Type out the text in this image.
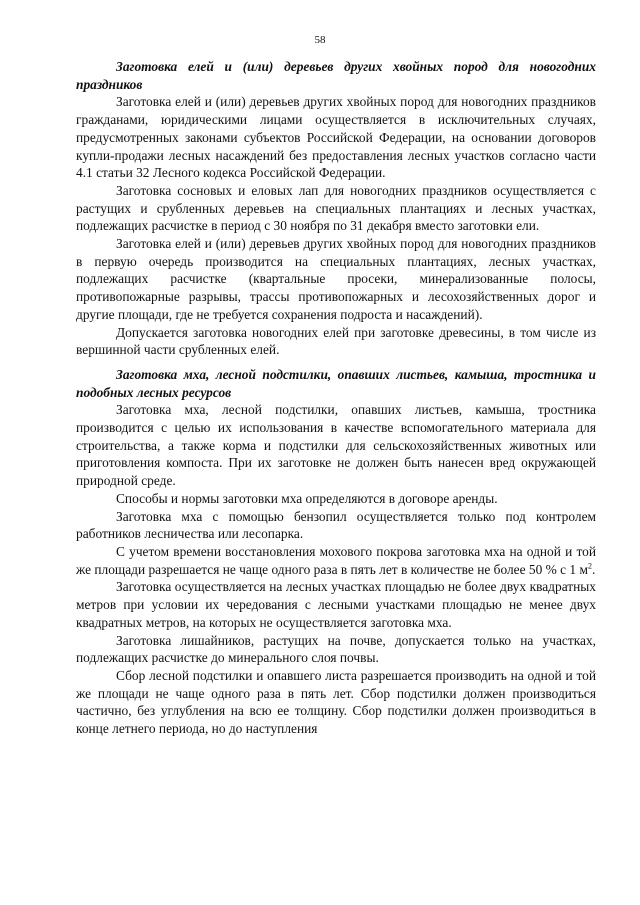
58

Заготовка елей и (или) деревьев других хвойных пород для новогодних праздников

Заготовка елей и (или) деревьев других хвойных пород для новогодних праздников гражданами, юридическими лицами осуществляется в исключительных случаях, предусмотренных законами субъектов Российской Федерации, на основании договоров купли-продажи лесных насаждений без предоставления лесных участков согласно части 4.1 статьи 32 Лесного кодекса Российской Федерации.

Заготовка сосновых и еловых лап для новогодних праздников осуществляется с растущих и срубленных деревьев на специальных плантациях и лесных участках, подлежащих расчистке в период с 30 ноября по 31 декабря вместо заготовки ели.

Заготовка елей и (или) деревьев других хвойных пород для новогодних праздников в первую очередь производится на специальных плантациях, лесных участках, подлежащих расчистке (квартальные просеки, минерализованные полосы, противопожарные разрывы, трассы противопожарных и лесохозяйственных дорог и другие площади, где не требуется сохранения подроста и насаждений).

Допускается заготовка новогодних елей при заготовке древесины, в том числе из вершинной части срубленных елей.

Заготовка мха, лесной подстилки, опавших листьев, камыша, тростника и подобных лесных ресурсов

Заготовка мха, лесной подстилки, опавших листьев, камыша, тростника производится с целью их использования в качестве вспомогательного материала для строительства, а также корма и подстилки для сельскохозяйственных животных или приготовления компоста. При их заготовке не должен быть нанесен вред окружающей природной среде.

Способы и нормы заготовки мха определяются в договоре аренды.

Заготовка мха с помощью бензопил осуществляется только под контролем работников лесничества или лесопарка.

С учетом времени восстановления мохового покрова заготовка мха на одной и той же площади разрешается не чаще одного раза в пять лет в количестве не более 50 % с 1 $м^2$.

Заготовка осуществляется на лесных участках площадью не более двух квадратных метров при условии их чередования с лесными участками площадью не менее двух квадратных метров, на которых не осуществляется заготовка мха.

Заготовка лишайников, растущих на почве, допускается только на участках, подлежащих расчистке до минерального слоя почвы.

Сбор лесной подстилки и опавшего листа разрешается производить на одной и той же площади не чаще одного раза в пять лет. Сбор подстилки должен производиться частично, без углубления на всю ее толщину. Сбор подстилки должен производиться в конце летнего периода, но до наступления
